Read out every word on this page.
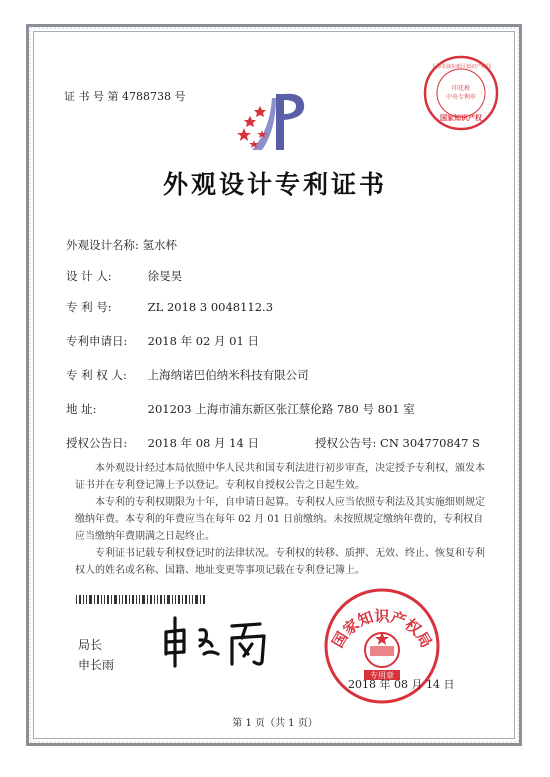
证 书 号 第 4788738 号
印花税
中央专利申
国家知识产权
上海市浦东新区知识产权局
外观设计专利证书
外观设计名称: 氢水杯
设 计 人:	徐旻昊
专 利 号:	ZL 2018 3 0048112.3
专利申请日: 2018 年 02 月 01 日
专 利 权 人: 上海纳诺巴伯纳米科技有限公司
地 址:	201203 上海市浦东新区张江蔡伦路 780 号 801 室
授权公告日: 2018 年 08 月 14 日	授权公告号: CN 304770847 S
本外观设计经过本局依照中华人民共和国专利法进行初步审查，决定授予专利权，颁发本证书并在专利登记簿上予以登记。专利权自授权公告之日起生效。
本专利的专利权期限为十年，自申请日起算。专利权人应当依照专利法及其实施细则规定缴纳年费。本专利的年费应当在每年 02 月 01 日前缴纳。未按照规定缴纳年费的，专利权自应当缴纳年费期满之日起终止。
专利证书记载专利权登记时的法律状况。专利权的转移、质押、无效、终止、恢复和专利权人的姓名或名称、国籍、地址变更等事项记载在专利登记簿上。
局长
申长雨
国家知识产权局
专用章
2018 年 08 月 14 日
第 1 页（共 1 页）
